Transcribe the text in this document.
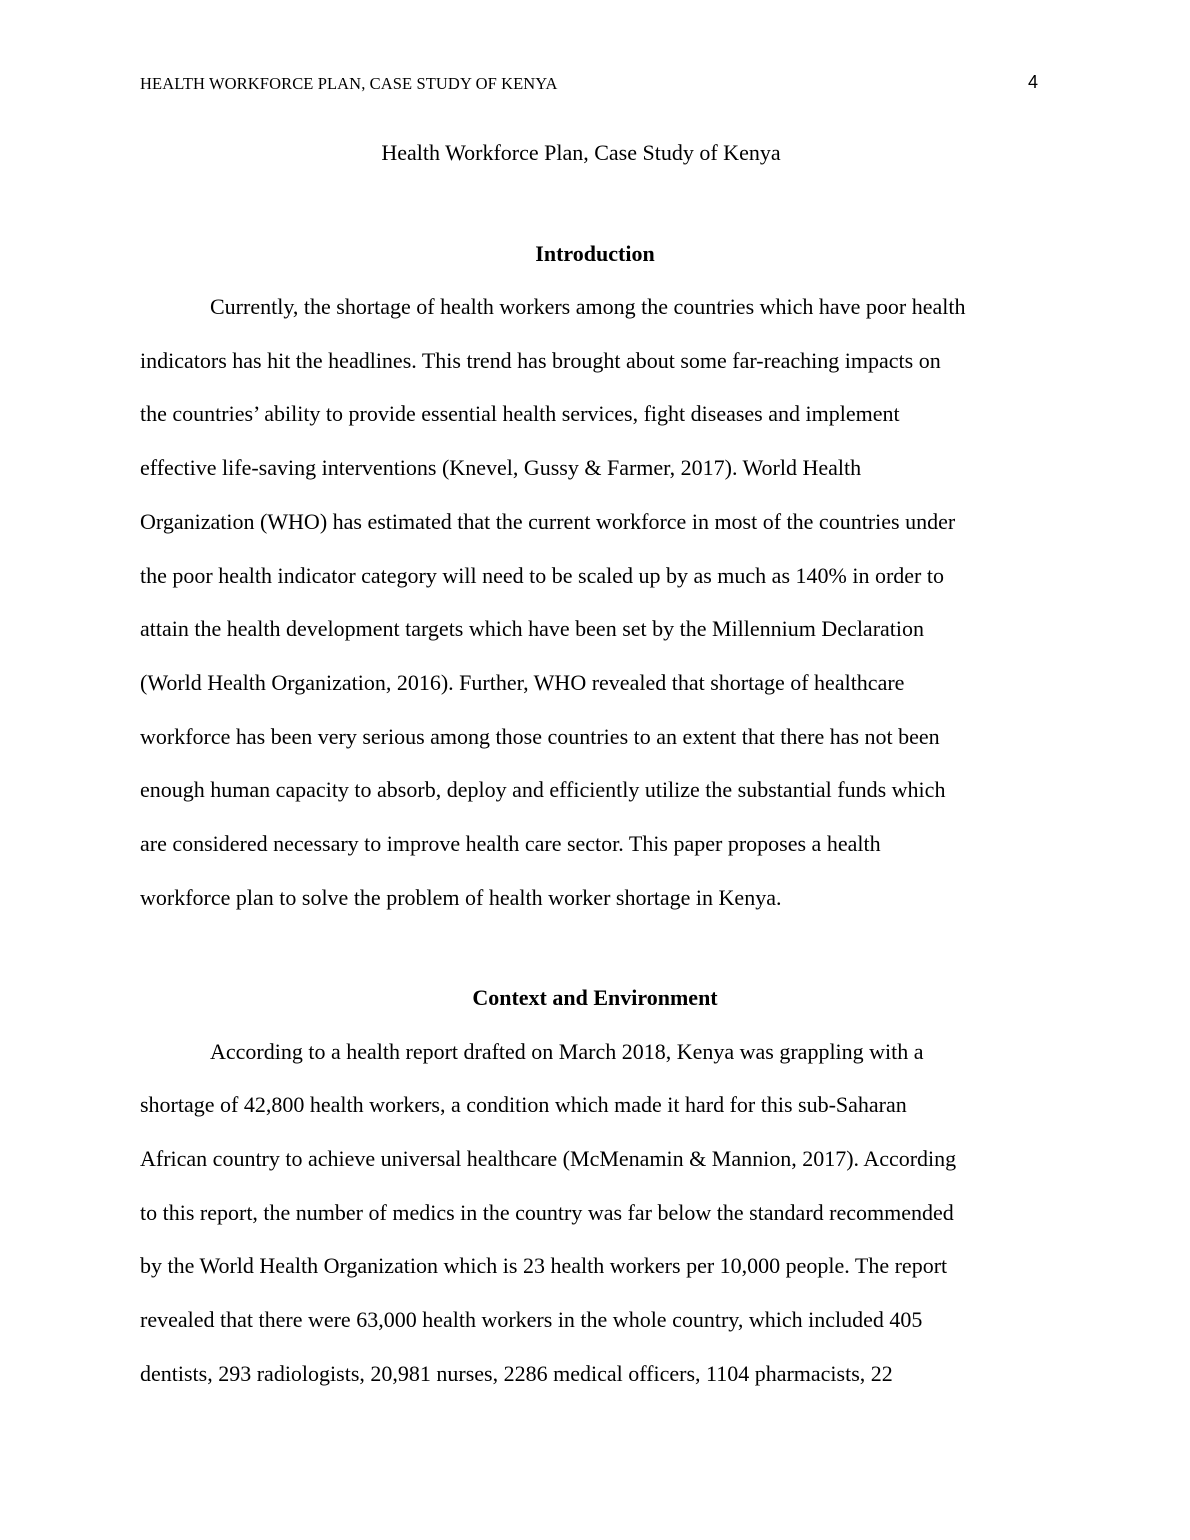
HEALTH WORKFORCE PLAN, CASE STUDY OF KENYA	4
Health Workforce Plan, Case Study of Kenya
Introduction
Currently, the shortage of health workers among the countries which have poor health
indicators has hit the headlines. This trend has brought about some far-reaching impacts on
the countries’ ability to provide essential health services, fight diseases and implement
effective life-saving interventions (Knevel, Gussy & Farmer, 2017). World Health
Organization (WHO) has estimated that the current workforce in most of the countries under
the poor health indicator category will need to be scaled up by as much as 140% in order to
attain the health development targets which have been set by the Millennium Declaration
(World Health Organization, 2016). Further, WHO revealed that shortage of healthcare
workforce has been very serious among those countries to an extent that there has not been
enough human capacity to absorb, deploy and efficiently utilize the substantial funds which
are considered necessary to improve health care sector. This paper proposes a health
workforce plan to solve the problem of health worker shortage in Kenya.
Context and Environment
According to a health report drafted on March 2018, Kenya was grappling with a
shortage of 42,800 health workers, a condition which made it hard for this sub-Saharan
African country to achieve universal healthcare (McMenamin & Mannion, 2017). According
to this report, the number of medics in the country was far below the standard recommended
by the World Health Organization which is 23 health workers per 10,000 people. The report
revealed that there were 63,000 health workers in the whole country, which included 405
dentists, 293 radiologists, 20,981 nurses, 2286 medical officers, 1104 pharmacists, 22
